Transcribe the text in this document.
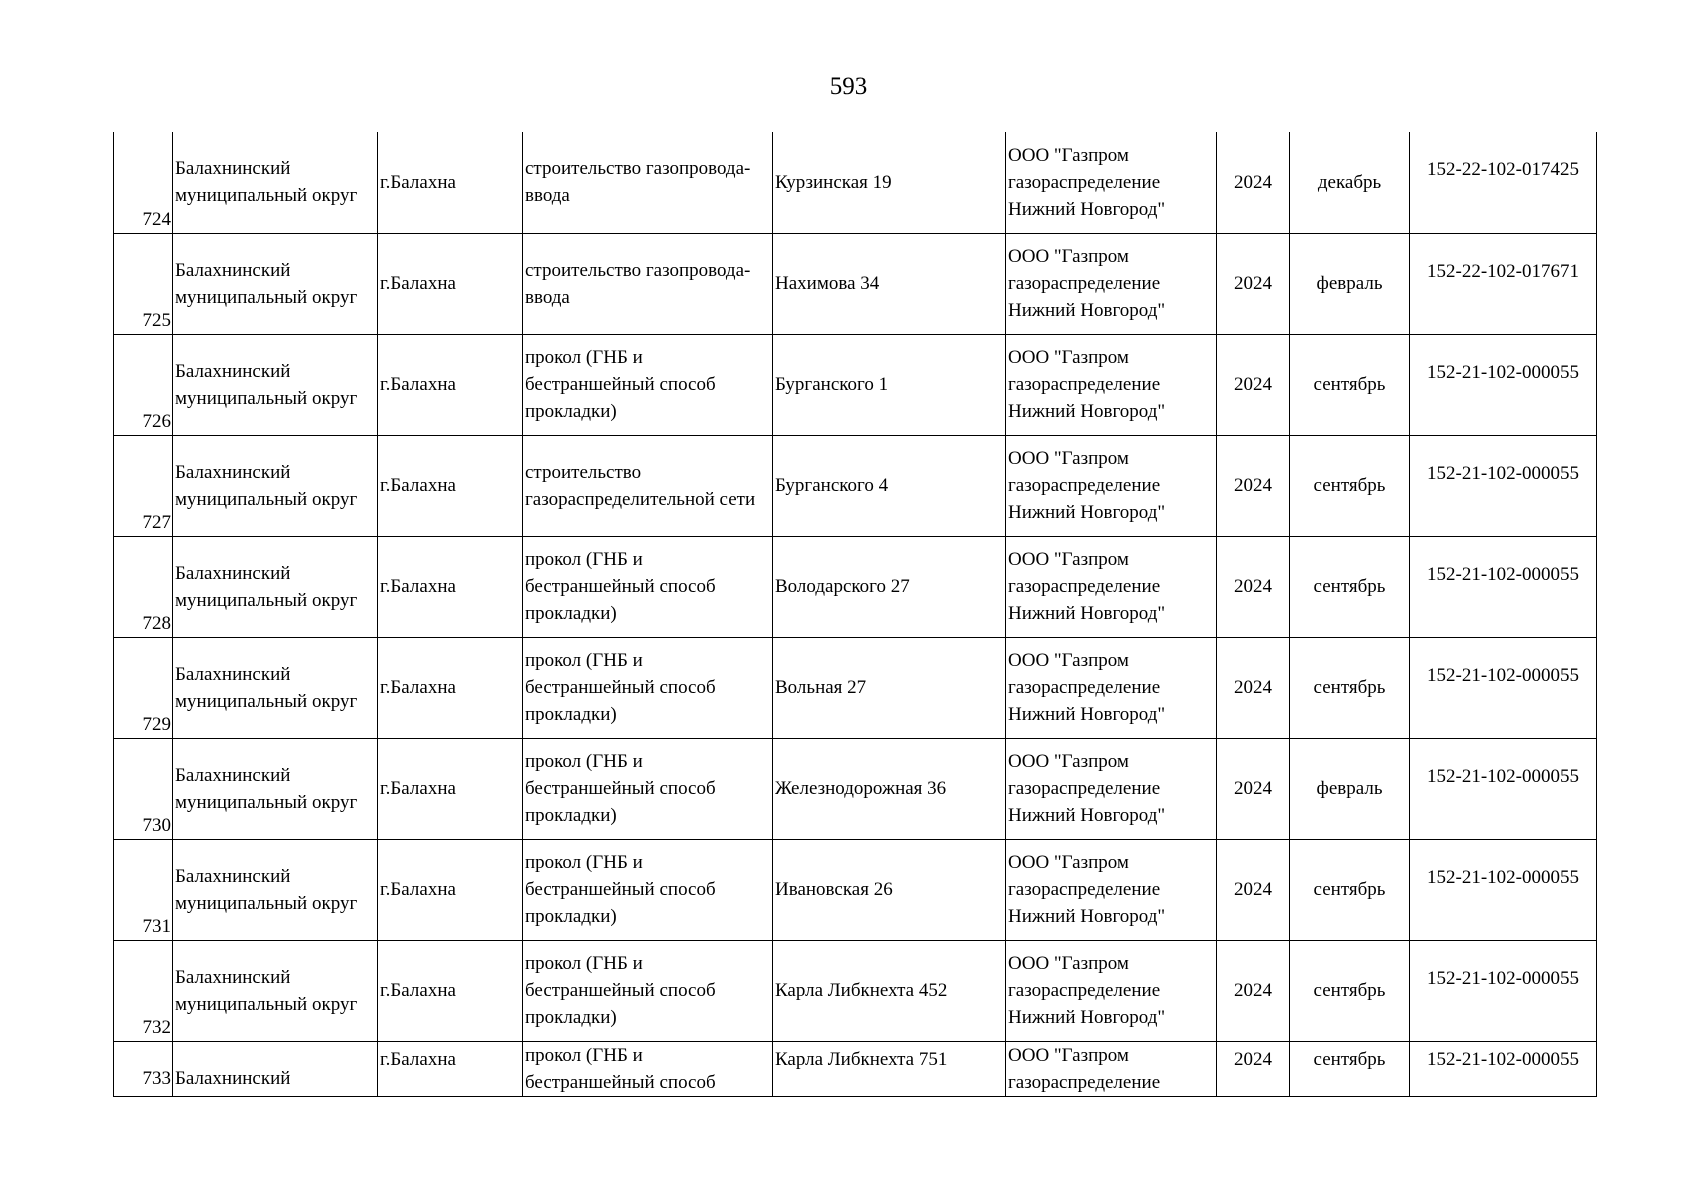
593
724	Балахнинский муниципальный округ	г.Балахна	строительство газопровода-ввода	Курзинская 19	ООО "Газпром газораспределение Нижний Новгород"	2024	декабрь	152-22-102-017425
725	Балахнинский муниципальный округ	г.Балахна	строительство газопровода-ввода	Нахимова 34	ООО "Газпром газораспределение Нижний Новгород"	2024	февраль	152-22-102-017671
726	Балахнинский муниципальный округ	г.Балахна	прокол (ГНБ и бестраншейный способ прокладки)	Бурганского 1	ООО "Газпром газораспределение Нижний Новгород"	2024	сентябрь	152-21-102-000055
727	Балахнинский муниципальный округ	г.Балахна	строительство газораспределительной сети	Бурганского 4	ООО "Газпром газораспределение Нижний Новгород"	2024	сентябрь	152-21-102-000055
728	Балахнинский муниципальный округ	г.Балахна	прокол (ГНБ и бестраншейный способ прокладки)	Володарского 27	ООО "Газпром газораспределение Нижний Новгород"	2024	сентябрь	152-21-102-000055
729	Балахнинский муниципальный округ	г.Балахна	прокол (ГНБ и бестраншейный способ прокладки)	Вольная 27	ООО "Газпром газораспределение Нижний Новгород"	2024	сентябрь	152-21-102-000055
730	Балахнинский муниципальный округ	г.Балахна	прокол (ГНБ и бестраншейный способ прокладки)	Железнодорожная 36	ООО "Газпром газораспределение Нижний Новгород"	2024	февраль	152-21-102-000055
731	Балахнинский муниципальный округ	г.Балахна	прокол (ГНБ и бестраншейный способ прокладки)	Ивановская 26	ООО "Газпром газораспределение Нижний Новгород"	2024	сентябрь	152-21-102-000055
732	Балахнинский муниципальный округ	г.Балахна	прокол (ГНБ и бестраншейный способ прокладки)	Карла Либкнехта 452	ООО "Газпром газораспределение Нижний Новгород"	2024	сентябрь	152-21-102-000055
733	Балахнинский	г.Балахна	прокол (ГНБ и бестраншейный способ	Карла Либкнехта 751	ООО "Газпром газораспределение	2024	сентябрь	152-21-102-000055
